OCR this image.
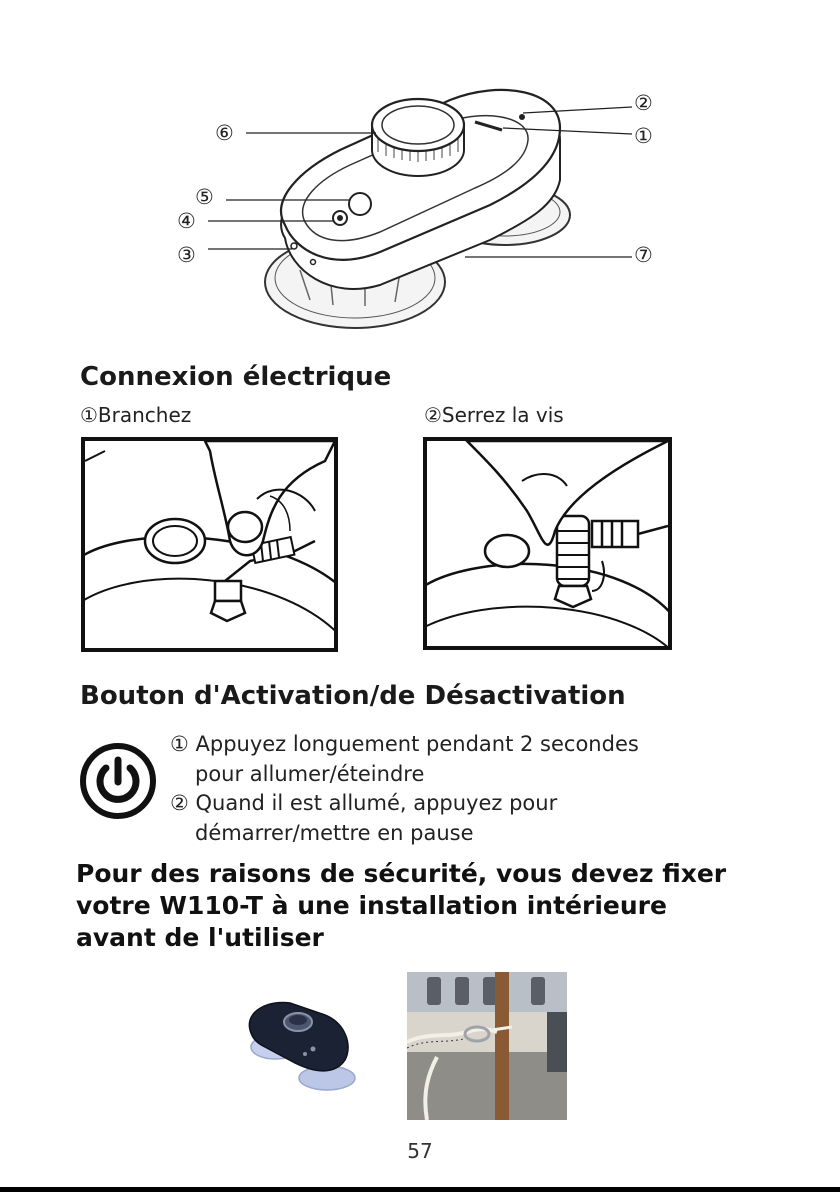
②
①
⑥
⑤
④
③	⑦
Connexion électrique
①Branchez	②Serrez la vis
Bouton d'Activation/de Désactivation
① Appuyez longuement pendant 2 secondes
pour allumer/éteindre
② Quand il est allumé, appuyez pour
démarrer/mettre en pause
Pour des raisons de sécurité, vous devez fixer
votre W110-T à une installation intérieure
avant de l'utiliser
57
